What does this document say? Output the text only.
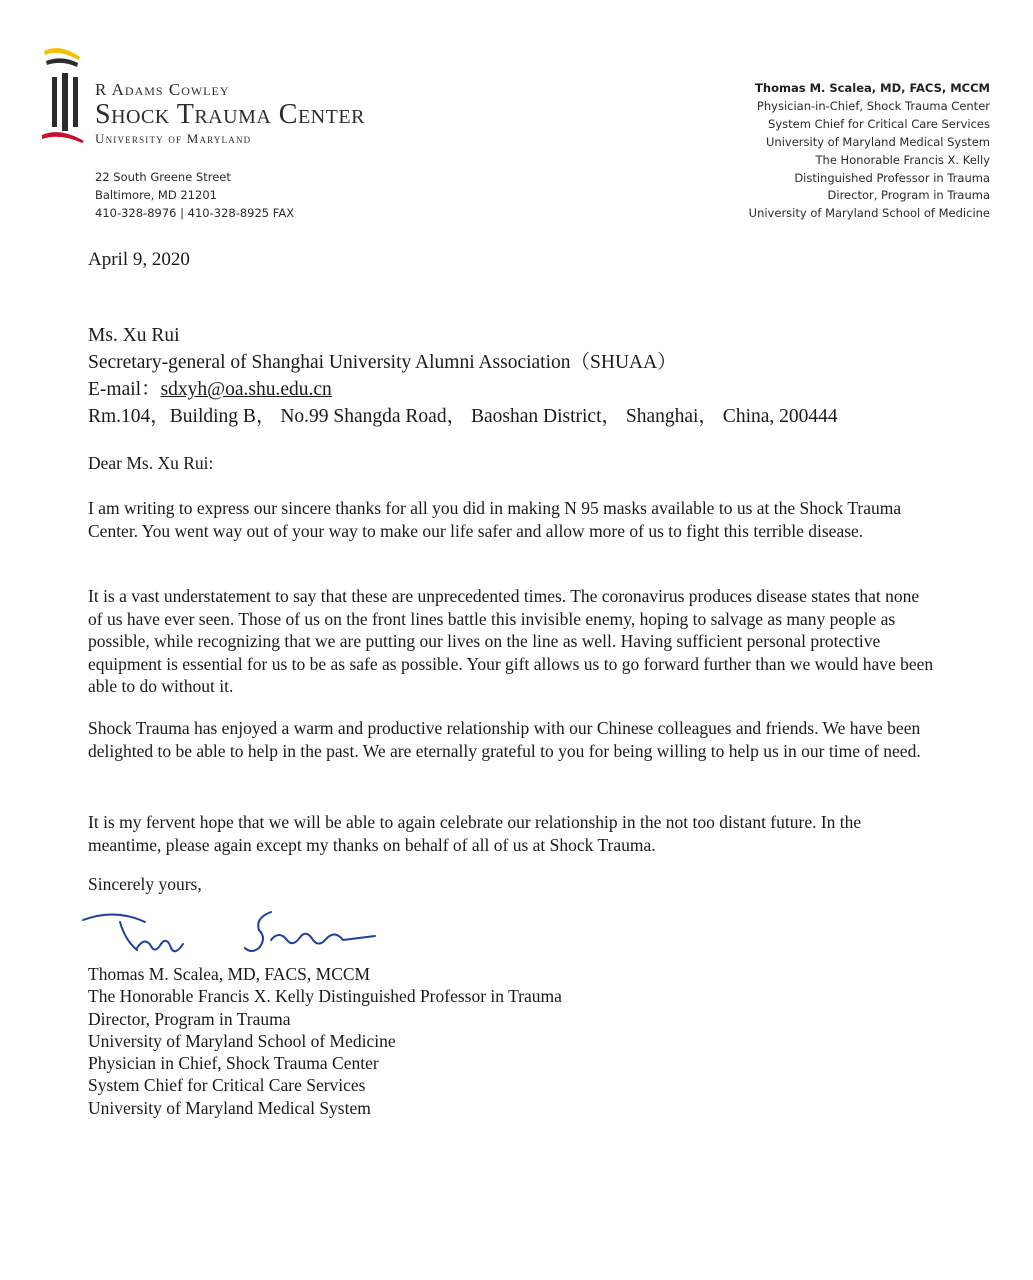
R Adams Cowley
Shock Trauma Center
University of Maryland
22 South Greene Street
Baltimore, MD 21201
410-328-8976 | 410-328-8925 FAX
Thomas M. Scalea, MD, FACS, MCCM
Physician-in-Chief, Shock Trauma Center
System Chief for Critical Care Services
University of Maryland Medical System
The Honorable Francis X. Kelly
Distinguished Professor in Trauma
Director, Program in Trauma
University of Maryland School of Medicine
April 9, 2020
Ms. Xu Rui
Secretary-general of Shanghai University Alumni Association（SHUAA）
E-mail：sdxyh@oa.shu.edu.cn
Rm.104，Building B， No.99 Shangda Road， Baoshan District， Shanghai， China, 200444
Dear Ms. Xu Rui:
I am writing to express our sincere thanks for all you did in making N 95 masks available to us at the Shock Trauma Center. You went way out of your way to make our life safer and allow more of us to fight this terrible disease.
It is a vast understatement to say that these are unprecedented times. The coronavirus produces disease states that none of us have ever seen. Those of us on the front lines battle this invisible enemy, hoping to salvage as many people as possible, while recognizing that we are putting our lives on the line as well. Having sufficient personal protective equipment is essential for us to be as safe as possible. Your gift allows us to go forward further than we would have been able to do without it.
Shock Trauma has enjoyed a warm and productive relationship with our Chinese colleagues and friends. We have been delighted to be able to help in the past. We are eternally grateful to you for being willing to help us in our time of need.
It is my fervent hope that we will be able to again celebrate our relationship in the not too distant future. In the meantime, please again except my thanks on behalf of all of us at Shock Trauma.
Sincerely yours,
Thomas M. Scalea, MD, FACS, MCCM
The Honorable Francis X. Kelly Distinguished Professor in Trauma
Director, Program in Trauma
University of Maryland School of Medicine
Physician in Chief, Shock Trauma Center
System Chief for Critical Care Services
University of Maryland Medical System
